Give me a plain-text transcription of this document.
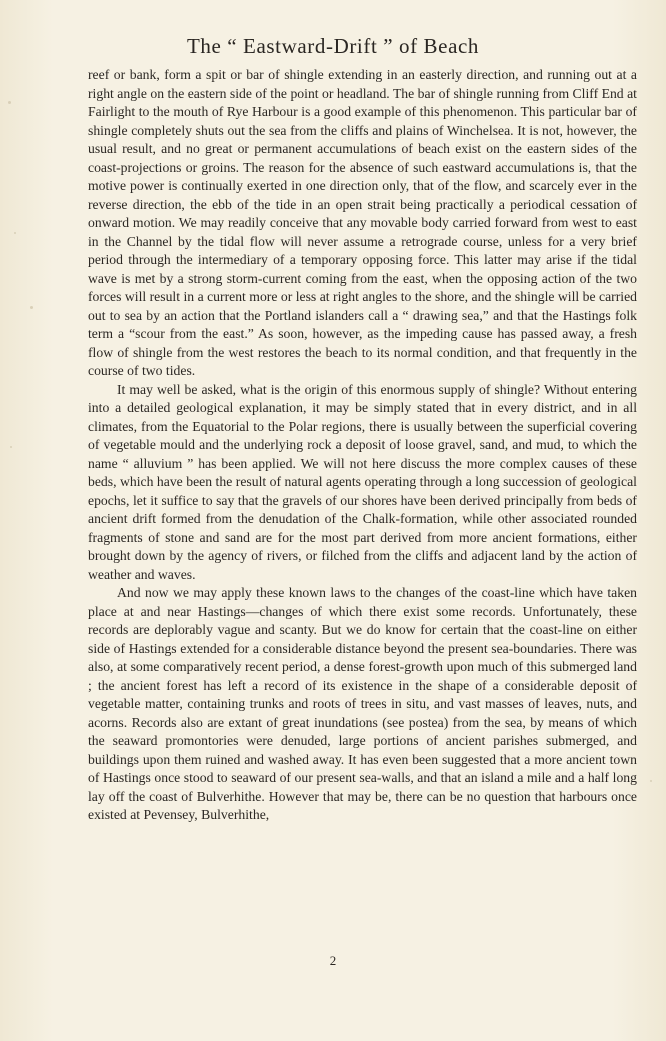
The “ Eastward-Drift ” of Beach

reef or bank, form a spit or bar of shingle extending in an easterly direction, and running out at a right angle on the eastern side of the point or headland. The bar of shingle running from Cliff End at Fairlight to the mouth of Rye Harbour is a good example of this phenomenon. This particular bar of shingle completely shuts out the sea from the cliffs and plains of Winchelsea. It is not, however, the usual result, and no great or permanent accumulations of beach exist on the eastern sides of the coast-projections or groins. The reason for the absence of such eastward accumulations is, that the motive power is continually exerted in one direction only, that of the flow, and scarcely ever in the reverse direction, the ebb of the tide in an open strait being practically a periodical cessation of onward motion. We may readily conceive that any movable body carried forward from west to east in the Channel by the tidal flow will never assume a retrograde course, unless for a very brief period through the intermediary of a temporary opposing force. This latter may arise if the tidal wave is met by a strong storm-current coming from the east, when the opposing action of the two forces will result in a current more or less at right angles to the shore, and the shingle will be carried out to sea by an action that the Portland islanders call a “ drawing sea,” and that the Hastings folk term a “scour from the east.” As soon, however, as the impeding cause has passed away, a fresh flow of shingle from the west restores the beach to its normal condition, and that frequently in the course of two tides.

It may well be asked, what is the origin of this enormous supply of shingle? Without entering into a detailed geological explanation, it may be simply stated that in every district, and in all climates, from the Equatorial to the Polar regions, there is usually between the superficial covering of vegetable mould and the underlying rock a deposit of loose gravel, sand, and mud, to which the name “ alluvium ” has been applied. We will not here discuss the more complex causes of these beds, which have been the result of natural agents operating through a long succession of geological epochs, let it suffice to say that the gravels of our shores have been derived principally from beds of ancient drift formed from the denudation of the Chalk-formation, while other associated rounded fragments of stone and sand are for the most part derived from more ancient formations, either brought down by the agency of rivers, or filched from the cliffs and adjacent land by the action of weather and waves.

And now we may apply these known laws to the changes of the coast-line which have taken place at and near Hastings—changes of which there exist some records. Unfortunately, these records are deplorably vague and scanty. But we do know for certain that the coast-line on either side of Hastings extended for a considerable distance beyond the present sea-boundaries. There was also, at some comparatively recent period, a dense forest-growth upon much of this submerged land ; the ancient forest has left a record of its existence in the shape of a considerable deposit of vegetable matter, containing trunks and roots of trees in situ, and vast masses of leaves, nuts, and acorns. Records also are extant of great inundations (see postea) from the sea, by means of which the seaward promontories were denuded, large portions of ancient parishes submerged, and buildings upon them ruined and washed away. It has even been suggested that a more ancient town of Hastings once stood to seaward of our present sea-walls, and that an island a mile and a half long lay off the coast of Bulverhithe. However that may be, there can be no question that harbours once existed at Pevensey, Bulverhithe,

2
